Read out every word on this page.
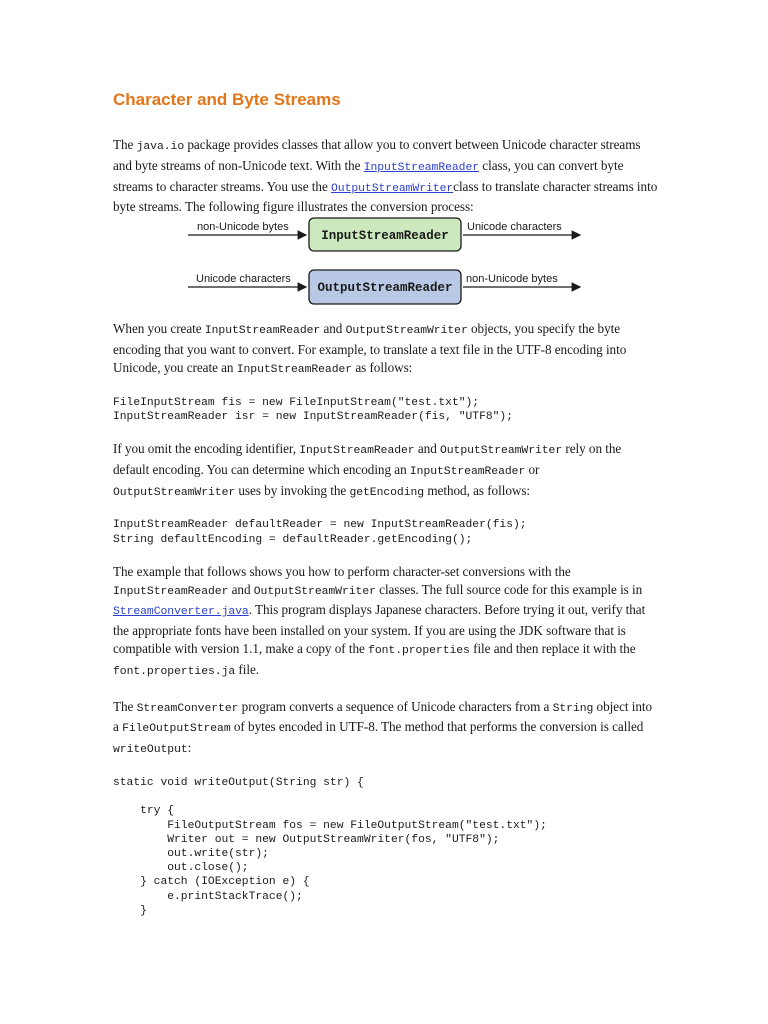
Character and Byte Streams

The java.io package provides classes that allow you to convert between Unicode character streams and byte streams of non-Unicode text. With the InputStreamReader class, you can convert byte streams to character streams. You use the OutputStreamWriterclass to translate character streams into byte streams. The following figure illustrates the conversion process:

non-Unicode bytes
InputStreamReader
Unicode characters
Unicode characters
OutputStreamReader
non-Unicode bytes

When you create InputStreamReader and OutputStreamWriter objects, you specify the byte encoding that you want to convert. For example, to translate a text file in the UTF-8 encoding into Unicode, you create an InputStreamReader as follows:

FileInputStream fis = new FileInputStream("test.txt");
InputStreamReader isr = new InputStreamReader(fis, "UTF8");

If you omit the encoding identifier, InputStreamReader and OutputStreamWriter rely on the default encoding. You can determine which encoding an InputStreamReader or OutputStreamWriter uses by invoking the getEncoding method, as follows:

InputStreamReader defaultReader = new InputStreamReader(fis);
String defaultEncoding = defaultReader.getEncoding();

The example that follows shows you how to perform character-set conversions with the InputStreamReader and OutputStreamWriter classes. The full source code for this example is in StreamConverter.java. This program displays Japanese characters. Before trying it out, verify that the appropriate fonts have been installed on your system. If you are using the JDK software that is compatible with version 1.1, make a copy of the font.properties file and then replace it with the font.properties.ja file.

The StreamConverter program converts a sequence of Unicode characters from a String object into a FileOutputStream of bytes encoded in UTF-8. The method that performs the conversion is called writeOutput:

static void writeOutput(String str) {

try {
FileOutputStream fos = new FileOutputStream("test.txt");
Writer out = new OutputStreamWriter(fos, "UTF8");
out.write(str);
out.close();
} catch (IOException e) {
e.printStackTrace();
}
